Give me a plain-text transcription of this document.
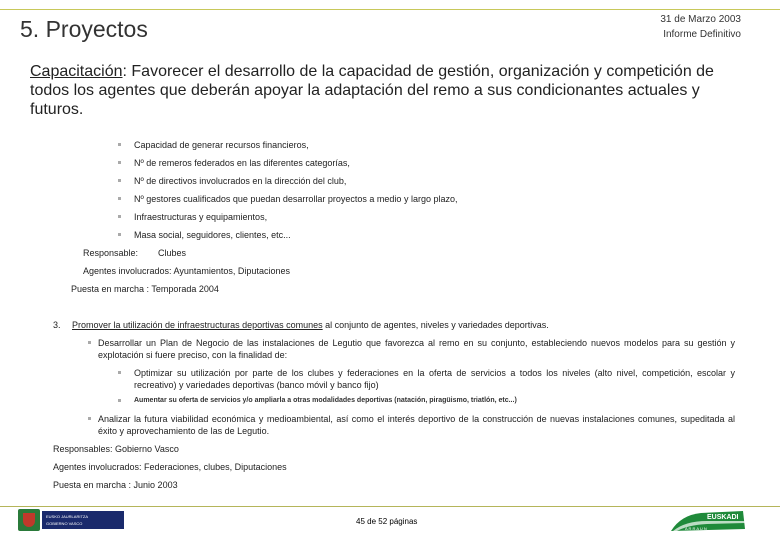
5. Proyectos	31 de Marzo 2003
Informe Definitivo
Capacitación: Favorecer el desarrollo de la capacidad de gestión, organización y competición de todos los agentes que deberán apoyar la adaptación del remo a sus condicionantes actuales y futuros.
Capacidad de generar recursos financieros,
Nº de remeros federados en las diferentes categorías,
Nº de directivos involucrados en la dirección del club,
Nº gestores cualificados que puedan desarrollar proyectos a medio y largo plazo,
Infraestructuras y equipamientos,
Masa social, seguidores, clientes, etc...
Responsable: Clubes
Agentes involucrados: Ayuntamientos, Diputaciones
Puesta en marcha : Temporada 2004
3. Promover la utilización de infraestructuras deportivas comunes al conjunto de agentes, niveles y variedades deportivas.
Desarrollar un Plan de Negocio de las instalaciones de Legutio que favorezca al remo en su conjunto, estableciendo nuevos modelos para su gestión y explotación si fuere preciso, con la finalidad de:
Optimizar su utilización por parte de los clubes y federaciones en la oferta de servicios a todos los niveles (alto nivel, competición, escolar y recreativo) y variedades deportivas (banco móvil y banco fijo)
Aumentar su oferta de servicios y/o ampliarla a otras modalidades deportivas (natación, piragüismo, triatlón, etc...)
Analizar la futura viabilidad económica y medioambiental, así como el interés deportivo de la construcción de nuevas instalaciones comunes, supeditada al éxito y aprovechamiento de las de Legutio.
Responsables: Gobierno Vasco
Agentes involucrados: Federaciones, clubes, Diputaciones
Puesta en marcha : Junio 2003
EUSKO JAURLARITZA
GOBIERNO VASCO	45 de 52 páginas	EUSKADI
A R R A U N
